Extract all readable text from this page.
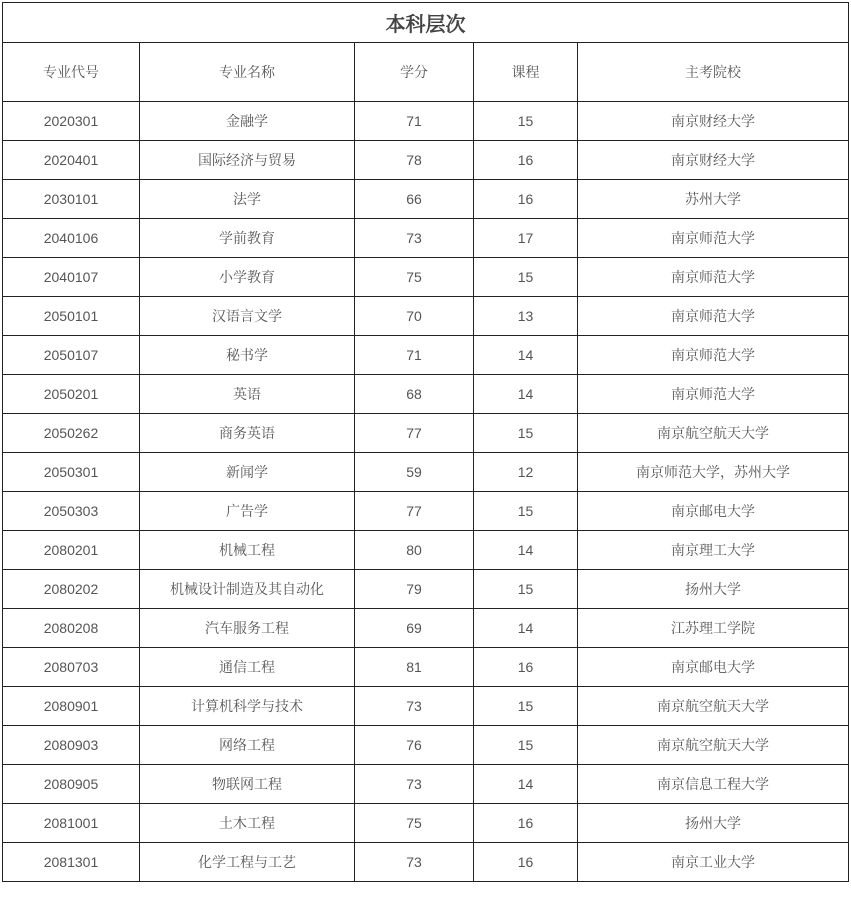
本科层次
专业代号	专业名称	学分	课程	主考院校
2020301	金融学	71	15	南京财经大学
2020401	国际经济与贸易	78	16	南京财经大学
2030101	法学	66	16	苏州大学
2040106	学前教育	73	17	南京师范大学
2040107	小学教育	75	15	南京师范大学
2050101	汉语言文学	70	13	南京师范大学
2050107	秘书学	71	14	南京师范大学
2050201	英语	68	14	南京师范大学
2050262	商务英语	77	15	南京航空航天大学
2050301	新闻学	59	12	南京师范大学，苏州大学
2050303	广告学	77	15	南京邮电大学
2080201	机械工程	80	14	南京理工大学
2080202	机械设计制造及其自动化	79	15	扬州大学
2080208	汽车服务工程	69	14	江苏理工学院
2080703	通信工程	81	16	南京邮电大学
2080901	计算机科学与技术	73	15	南京航空航天大学
2080903	网络工程	76	15	南京航空航天大学
2080905	物联网工程	73	14	南京信息工程大学
2081001	土木工程	75	16	扬州大学
2081301	化学工程与工艺	73	16	南京工业大学
